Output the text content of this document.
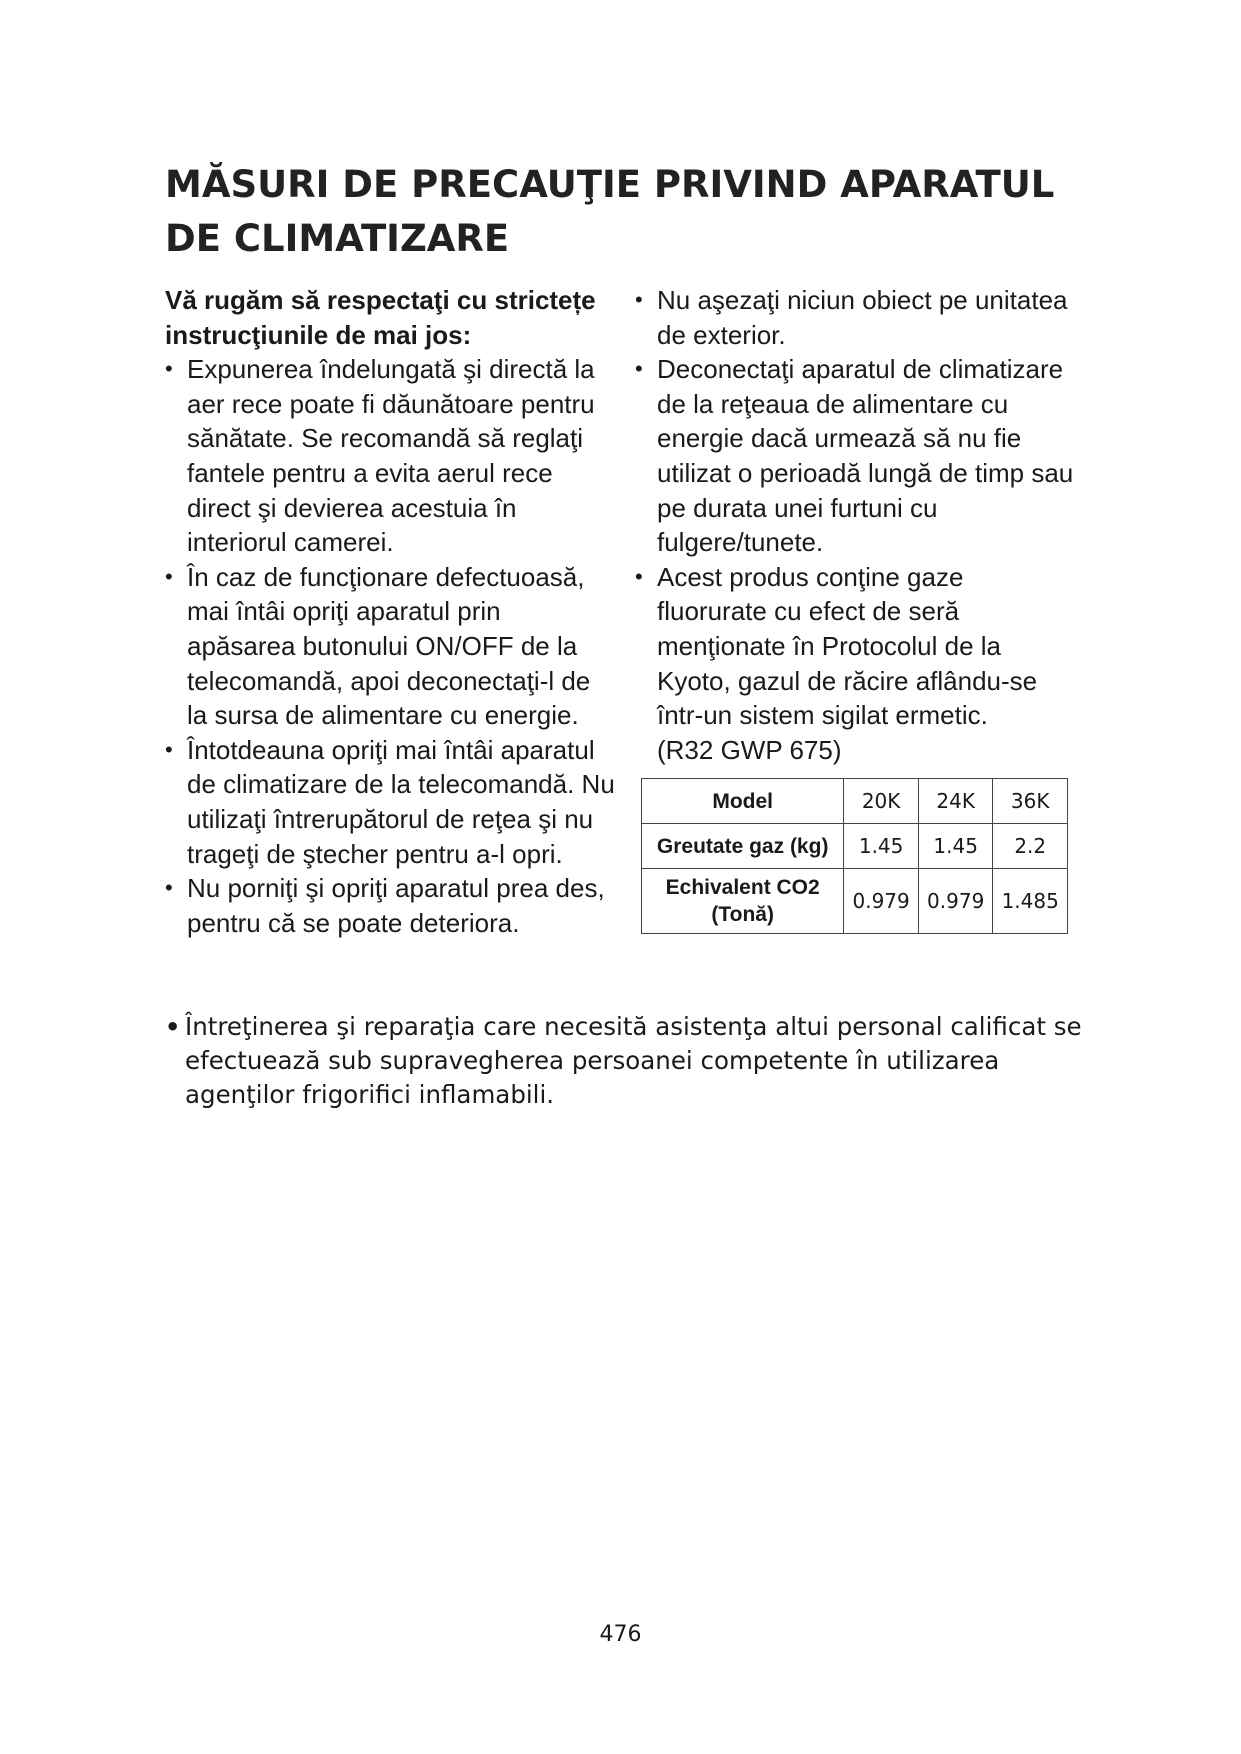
MĂSURI DE PRECAUŢIE PRIVIND APARATUL DE CLIMATIZARE

Vă rugăm să respectaţi cu strictețe instrucţiunile de mai jos:

• Expunerea îndelungată şi directă la aer rece poate fi dăunătoare pentru sănătate. Se recomandă să reglaţi fantele pentru a evita aerul rece direct şi devierea acestuia în interiorul camerei.
• În caz de funcţionare defectuoasă, mai întâi opriţi aparatul prin apăsarea butonului ON/OFF de la telecomandă, apoi deconectaţi-l de la sursa de alimentare cu energie.
• Întotdeauna opriţi mai întâi aparatul de climatizare de la telecomandă. Nu utilizaţi întrerupătorul de reţea şi nu trageţi de ştecher pentru a-l opri.
• Nu porniţi şi opriţi aparatul prea des, pentru că se poate deteriora.
• Nu aşezaţi niciun obiect pe unitatea de exterior.
• Deconectaţi aparatul de climatizare de la reţeaua de alimentare cu energie dacă urmează să nu fie utilizat o perioadă lungă de timp sau pe durata unei furtuni cu fulgere/tunete.
• Acest produs conţine gaze fluorurate cu efect de seră menţionate în Protocolul de la Kyoto, gazul de răcire aflându-se într-un sistem sigilat ermetic.

(R32 GWP 675)

Model	20K	24K	36K
Greutate gaz (kg)	1.45	1.45	2.2
Echivalent CO2 (Tonă)	0.979	0.979	1.485
• Întreţinerea şi reparaţia care necesită asistenţa altui personal calificat se efectuează sub supravegherea persoanei competente în utilizarea agenţilor frigorifici inflamabili.
476
